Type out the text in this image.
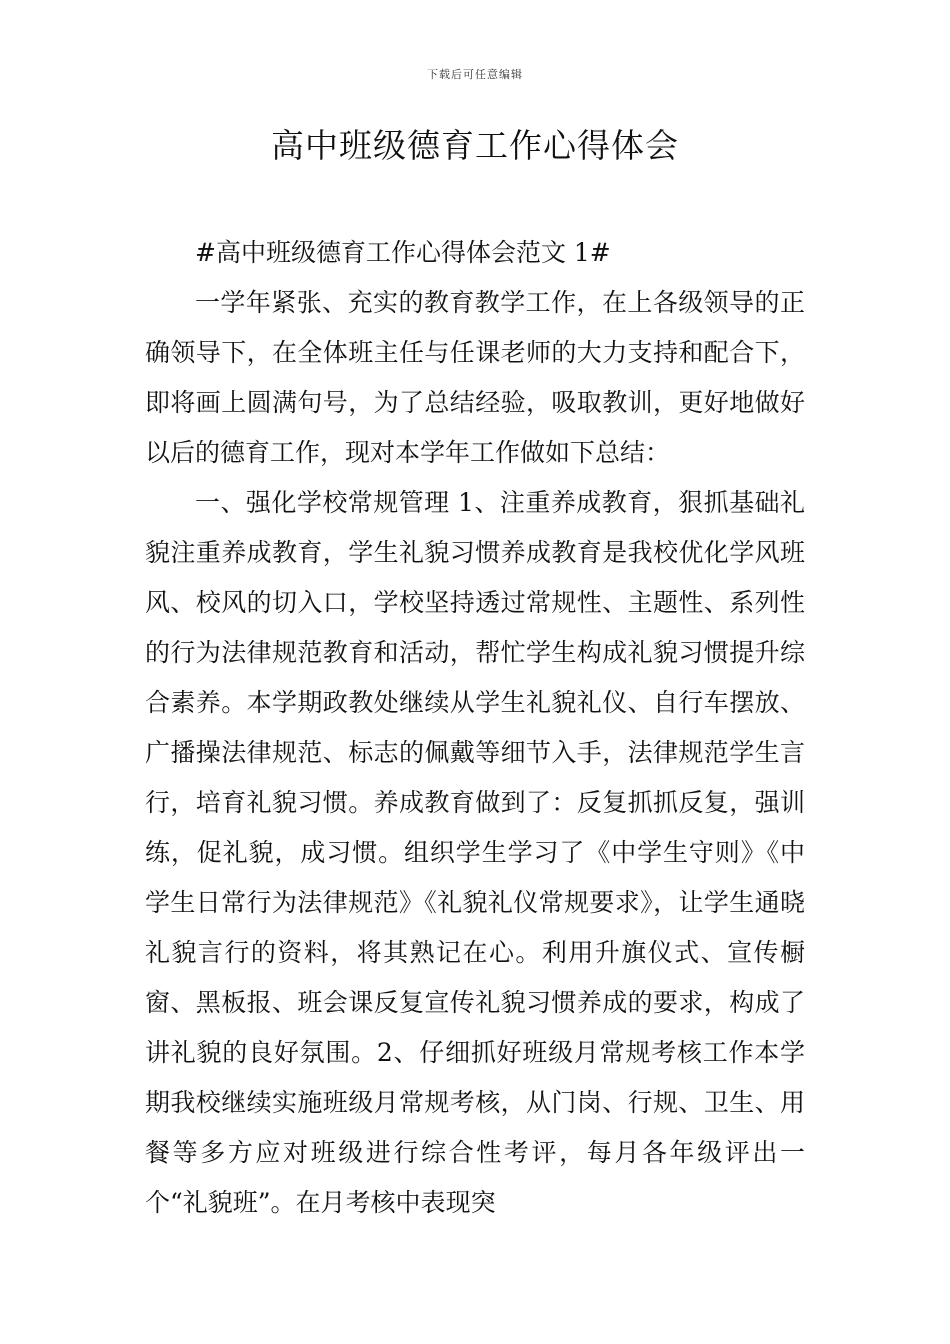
下载后可任意编辑
高中班级德育工作心得体会

#高中班级德育工作心得体会范文 1#

一学年紧张、充实的教育教学工作，在上各级领导的正确领导下，在全体班主任与任课老师的大力支持和配合下，即将画上圆满句号，为了总结经验，吸取教训，更好地做好以后的德育工作，现对本学年工作做如下总结：

一、强化学校常规管理 1、注重养成教育，狠抓基础礼貌注重养成教育，学生礼貌习惯养成教育是我校优化学风班风、校风的切入口，学校坚持透过常规性、主题性、系列性的行为法律规范教育和活动，帮忙学生构成礼貌习惯提升综合素养。本学期政教处继续从学生礼貌礼仪、自行车摆放、广播操法律规范、标志的佩戴等细节入手，法律规范学生言行，培育礼貌习惯。养成教育做到了：反复抓抓反复，强训练，促礼貌，成习惯。组织学生学习了《中学生守则》《中学生日常行为法律规范》《礼貌礼仪常规要求》，让学生通晓礼貌言行的资料，将其熟记在心。利用升旗仪式、宣传橱窗、黑板报、班会课反复宣传礼貌习惯养成的要求，构成了讲礼貌的良好氛围。2、仔细抓好班级月常规考核工作本学期我校继续实施班级月常规考核，从门岗、行规、卫生、用餐等多方应对班级进行综合性考评，每月各年级评出一个“礼貌班”。在月考核中表现突
